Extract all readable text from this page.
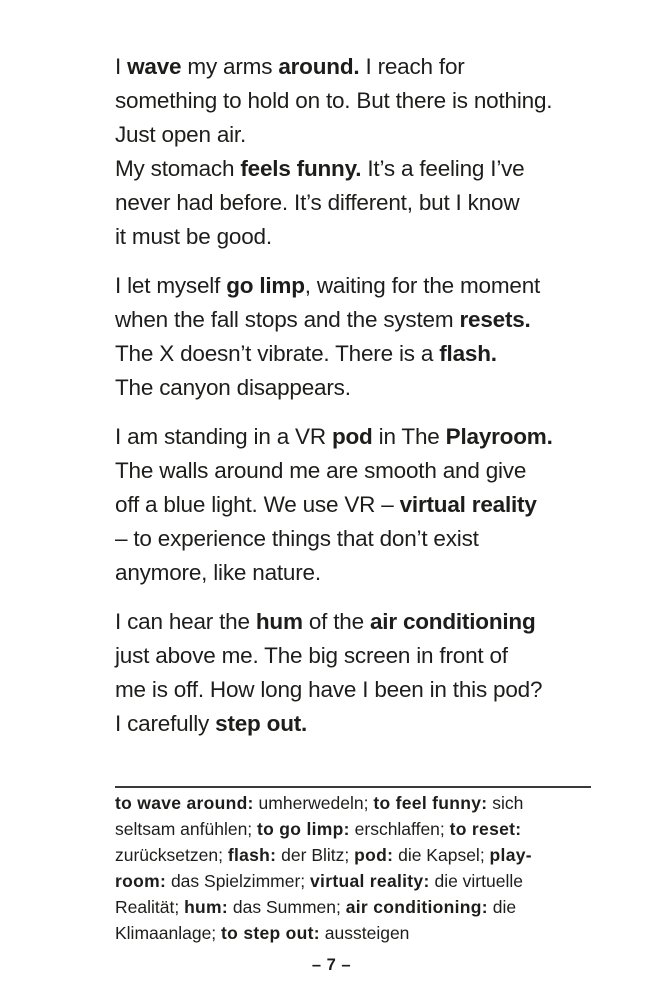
I wave my arms around. I reach for
something to hold on to. But there is nothing.
Just open air.
My stomach feels funny. It’s a feeling I’ve
never had before. It’s different, but I know
it must be good.
I let myself go limp, waiting for the moment
when the fall stops and the system resets.
The X doesn’t vibrate. There is a flash.
The canyon disappears.
I am standing in a VR pod in The Playroom.
The walls around me are smooth and give
off a blue light. We use VR – virtual reality
– to experience things that don’t exist
anymore, like nature.
I can hear the hum of the air conditioning
just above me. The big screen in front of
me is off. How long have I been in this pod?
I carefully step out.
to wave around: umherwedeln; to feel funny: sich
seltsam anfühlen; to go limp: erschlaffen; to reset:
zurücksetzen; flash: der Blitz; pod: die Kapsel; play-
room: das Spielzimmer; virtual reality: die virtuelle
Realität; hum: das Summen; air conditioning: die
Klimaanlage; to step out: aussteigen
– 7 –
